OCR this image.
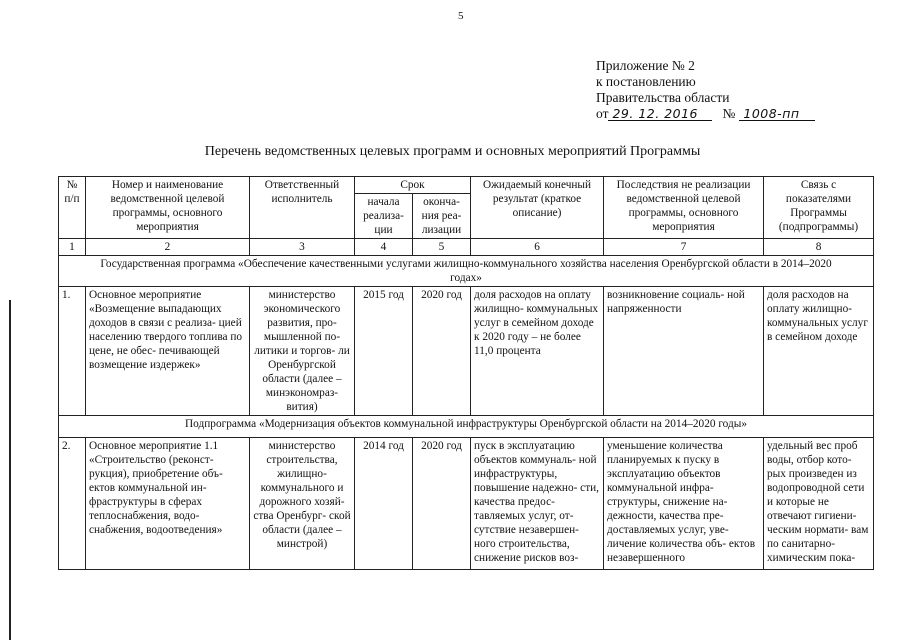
5
Приложение № 2
к постановлению
Правительства области
от 29. 12. 2016	№ 1008-пп
Перечень ведомственных целевых программ и основных мероприятий Программы
№ п/п	Номер и наименование ведомственной целевой программы, основного мероприятия	Ответственный исполнитель	Срок		Ожидаемый конечный результат (краткое описание)	Последствия не реализации ведомственной целевой программы, основного мероприятия	Связь с показателями Программы (подпрограммы)
			начала реализа- ции	оконча- ния реа- лизации			
1	2	3	4	5	6	7	8
Государственная программа «Обеспечение качественными услугами жилищно-коммунального хозяйства населения Оренбургской области в 2014–2020 годах»							
1.	Основное мероприятие «Возмещение выпадающих доходов в связи с реализа- цией населению твердого топлива по цене, не обес- печивающей возмещение издержек»	министерство экономического развития, про- мышленной по- литики и торгов- ли Оренбургской области (далее – минэкономраз- вития)	2015 год	2020 год	доля расходов на оплату жилищно- коммунальных услуг в семейном доходе к 2020 году – не более 11,0 процента	возникновение социаль- ной напряженности	доля расходов на оплату жилищно- коммунальных услуг в семейном доходе
Подпрограмма «Модернизация объектов коммунальной инфраструктуры Оренбургской области на 2014–2020 годы»							
2.	Основное мероприятие 1.1 «Строительство (реконст- рукция), приобретение объ- ектов коммунальной ин- фраструктуры в сферах теплоснабжения, водо- снабжения, водоотведения»	министерство строительства, жилищно- коммунального и дорожного хозяй- ства Оренбург- ской области (далее – минстрой)	2014 год	2020 год	пуск в эксплуатацию объектов коммуналь- ной инфраструктуры, повышение надежно- сти, качества предос- тавляемых услуг, от- сутствие незавершен- ного строительства, снижение рисков воз-	уменьшение количества планируемых к пуску в эксплуатацию объектов коммунальной инфра- структуры, снижение на- дежности, качества пре- доставляемых услуг, уве- личение количества объ- ектов незавершенного	удельный вес проб воды, отбор кото- рых произведен из водопроводной сети и которые не отвечают гигиени- ческим нормати- вам по санитарно- химическим пока-
